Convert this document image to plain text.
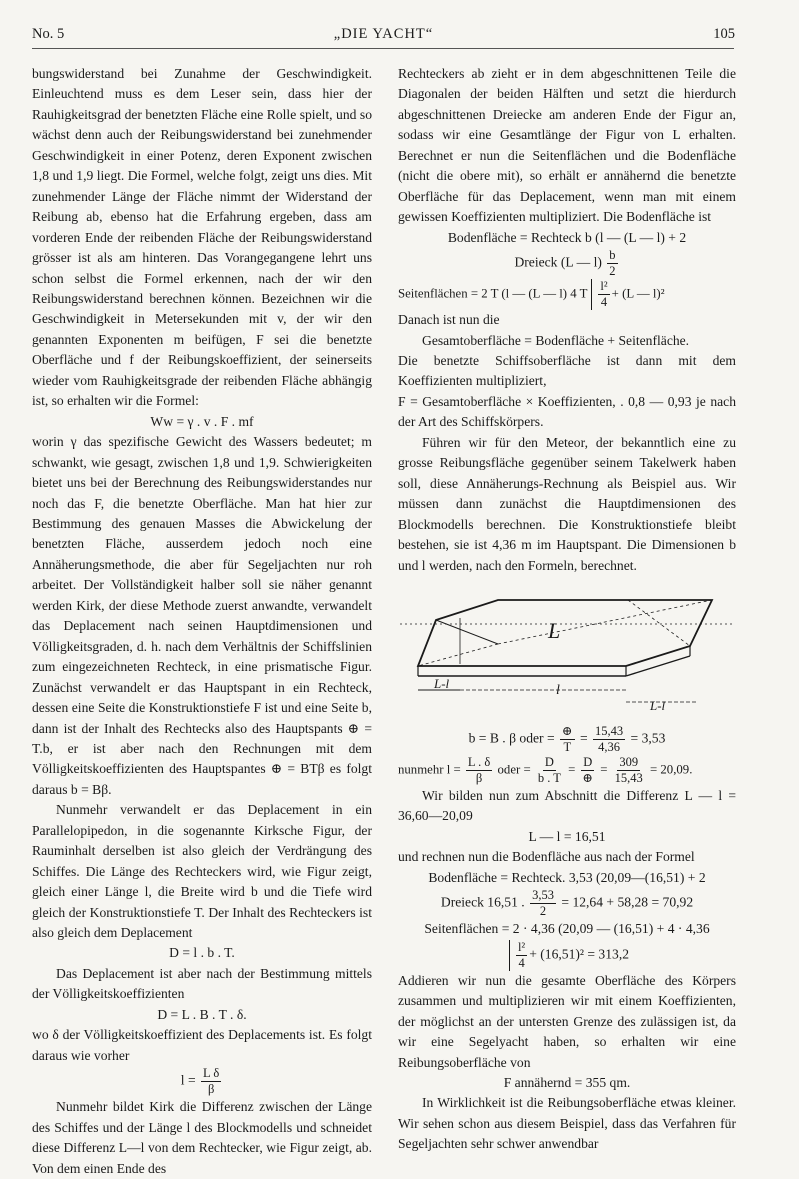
No. 5	„DIE YACHT“	105

bungswiderstand bei Zunahme der Geschwindigkeit. Einleuchtend muss es dem Leser sein, dass hier der Rauhigkeitsgrad der benetzten Fläche eine Rolle spielt, und so wächst denn auch der Reibungswiderstand bei zunehmender Geschwindigkeit in einer Potenz, deren Exponent zwischen 1,8 und 1,9 liegt. Die Formel, welche folgt, zeigt uns dies. Mit zunehmender Länge der Fläche nimmt der Widerstand der Reibung ab, ebenso hat die Erfahrung ergeben, dass am vorderen Ende der reibenden Fläche der Reibungswiderstand grösser ist als am hinteren. Das Vorangegangene lehrt uns schon selbst die Formel erkennen, nach der wir den Reibungswiderstand berechnen können. Bezeichnen wir die Geschwindigkeit in Metersekunden mit v, der wir den genannten Exponenten m beifügen, F sei die benetzte Oberfläche und f der Reibungskoeffizient, der seinerseits wieder vom Rauhigkeitsgrade der reibenden Fläche abhängig ist, so erhalten wir die Formel:

Ww = γ . v . F . mf

worin γ das spezifische Gewicht des Wassers bedeutet; m schwankt, wie gesagt, zwischen 1,8 und 1,9. Schwierigkeiten bietet uns bei der Berechnung des Reibungswiderstandes nur noch das F, die benetzte Oberfläche. Man hat hier zur Bestimmung des genauen Masses die Abwickelung der benetzten Fläche, ausserdem jedoch noch eine Annäherungsmethode, die aber für Segeljachten nur roh arbeitet. Der Vollständigkeit halber soll sie näher genannt werden Kirk, der diese Methode zuerst anwandte, verwandelt das Deplacement nach seinen Hauptdimensionen und Völligkeitsgraden, d. h. nach dem Verhältnis der Schiffslinien zum eingezeichneten Rechteck, in eine prismatische Figur. Zunächst verwandelt er das Hauptspant in ein Rechteck, dessen eine Seite die Konstruktionstiefe F ist und eine Seite b, dann ist der Inhalt des Rechtecks also des Hauptspants ⊕ = T.b, er ist aber nach den Rechnungen mit dem Völligkeitskoeffizienten des Hauptspantes ⊕ = BTβ es folgt daraus b = Bβ.

Nunmehr verwandelt er das Deplacement in ein Parallelopipedon, in die sogenannte Kirksche Figur, der Rauminhalt derselben ist also gleich der Verdrängung des Schiffes. Die Länge des Rechteckers wird, wie Figur zeigt, gleich einer Länge l, die Breite wird b und die Tiefe wird gleich der Konstruktionstiefe T. Der Inhalt des Rechteckers ist also gleich dem Deplacement

D = l . b . T.

Das Deplacement ist aber nach der Bestimmung mittels der Völligkeitskoeffizienten

D = L . B . T . δ.

wo δ der Völligkeitskoeffizient des Deplacements ist. Es folgt daraus wie vorher

$l = \frac{\text{L δ}}{\beta}$

Nunmehr bildet Kirk die Differenz zwischen der Länge des Schiffes und der Länge l des Blockmodells und schneidet diese Differenz L—l von dem Rechtecker, wie Figur zeigt, ab. Von dem einen Ende des

Rechteckers ab zieht er in dem abgeschnittenen Teile die Diagonalen der beiden Hälften und setzt die hierdurch abgeschnittenen Dreiecke am anderen Ende der Figur an, sodass wir eine Gesamtlänge der Figur von L erhalten. Berechnet er nun die Seitenflächen und die Bodenfläche (nicht die obere mit), so erhält er annähernd die benetzte Oberfläche für das Deplacement, wenn man mit einem gewissen Koeffizienten multipliziert. Die Bodenfläche ist

Bodenfläche = Rechteck b (l — (L — l) + 2

Dreieck (L — $l) \frac{b}{2}$

Seitenflächen = 2 T (l — (L — l) 4 T $\frac{\text{l²}}{4} + (L$ — l)²

Danach ist nun die

Gesamtoberfläche = Bodenfläche + Seitenfläche.

Die benetzte Schiffsoberfläche ist dann mit dem Koeffizienten multipliziert,

F = Gesamtoberfläche × Koeffizienten, . 0,8 — 0,93 je nach der Art des Schiffskörpers.

Führen wir für den Meteor, der bekanntlich eine zu grosse Reibungsfläche gegenüber seinem Takelwerk haben soll, diese Annäherungs-Rechnung als Beispiel aus. Wir müssen dann zunächst die Hauptdimensionen des Blockmodells berechnen. Die Konstruktionstiefe bleibt bestehen, sie ist 4,36 m im Hauptspant. Die Dimensionen b und l werden, nach den Formeln, berechnet.

L
l
L-l
L-l

b = B . β oder = $\frac{\oplus}{T} = \frac{15,43}{4,36} = 3,53$

nunmehr $l = \frac{L . \delta}{\beta}$ oder = $\frac{D}{b . T} = \frac{D}{\oplus} = \frac{309}{15,43} = 20,09$.

Wir bilden nun zum Abschnitt die Differenz L — l = 36,60—20,09

L — l = 16,51

und rechnen nun die Bodenfläche aus nach der Formel

Bodenfläche = Rechteck. 3,53 (20,09—(16,51) + 2

Dreieck 16,51 . $\frac{3,53}{2} = 12,64 + 58,28 = 70,92$

Seitenflächen = 2 · 4,36 (20,09 — (16,51) + 4 · 4,36

$\frac{\text{l²}}{4} + (16,51)^2 = 313,2$

Addieren wir nun die gesamte Oberfläche des Körpers zusammen und multiplizieren wir mit einem Koeffizienten, der möglichst an der untersten Grenze des zulässigen ist, da wir eine Segelyacht haben, so erhalten wir eine Reibungsoberfläche von

F annähernd = 355 qm.

In Wirklichkeit ist die Reibungsoberfläche etwas kleiner. Wir sehen schon aus diesem Beispiel, dass das Verfahren für Segeljachten sehr schwer anwendbar
